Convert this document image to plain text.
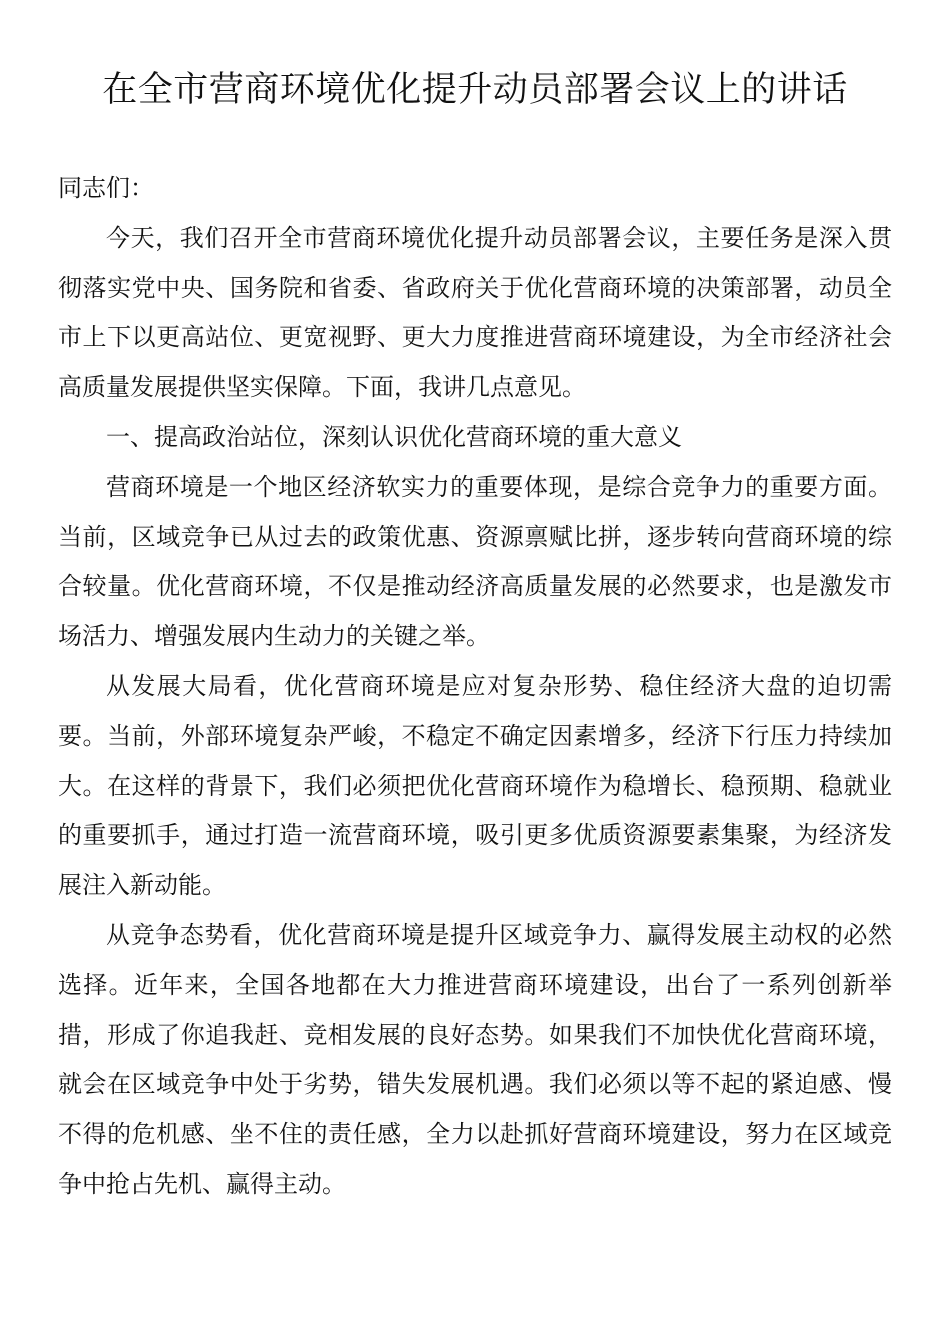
在全市营商环境优化提升动员部署会议上的讲话

同志们：

今天，我们召开全市营商环境优化提升动员部署会议，主要任务是深入贯彻落实党中央、国务院和省委、省政府关于优化营商环境的决策部署，动员全市上下以更高站位、更宽视野、更大力度推进营商环境建设，为全市经济社会高质量发展提供坚实保障。下面，我讲几点意见。

一、提高政治站位，深刻认识优化营商环境的重大意义

营商环境是一个地区经济软实力的重要体现，是综合竞争力的重要方面。当前，区域竞争已从过去的政策优惠、资源禀赋比拼，逐步转向营商环境的综合较量。优化营商环境，不仅是推动经济高质量发展的必然要求，也是激发市场活力、增强发展内生动力的关键之举。

从发展大局看，优化营商环境是应对复杂形势、稳住经济大盘的迫切需要。当前，外部环境复杂严峻，不稳定不确定因素增多，经济下行压力持续加大。在这样的背景下，我们必须把优化营商环境作为稳增长、稳预期、稳就业的重要抓手，通过打造一流营商环境，吸引更多优质资源要素集聚，为经济发展注入新动能。

从竞争态势看，优化营商环境是提升区域竞争力、赢得发展主动权的必然选择。近年来，全国各地都在大力推进营商环境建设，出台了一系列创新举措，形成了你追我赶、竞相发展的良好态势。如果我们不加快优化营商环境，就会在区域竞争中处于劣势，错失发展机遇。我们必须以等不起的紧迫感、慢不得的危机感、坐不住的责任感，全力以赴抓好营商环境建设，努力在区域竞争中抢占先机、赢得主动。
